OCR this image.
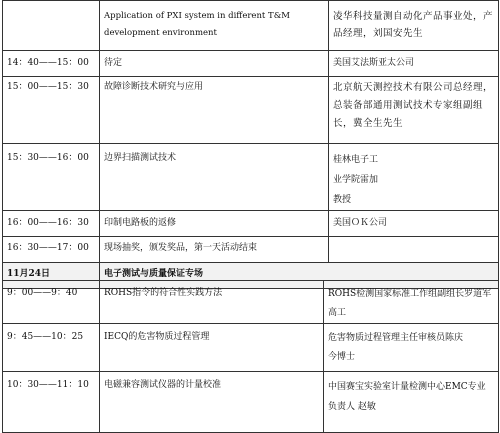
	Application of PXI system in different T&M development environment	凌华科技量测自动化产品事业处，产品经理，刘国安先生
14：40——15：00	待定	美国艾法斯亚太公司
15：00——15：30	故障诊断技术研究与应用	北京航天测控技术有限公司总经理，总装备部通用测试技术专家组副组长，冀全生先生
15：30——16：00	边界扫描测试技术	桂林电子工业学院雷加教授
16：00——16：30	印制电路板的返修	美国ＯＫ公司
16：30——17：00	现场抽奖，颁发奖品，第一天活动结束	
11月24日	电子测试与质量保证专场	
9：00——9：40	ROHS指令的符合性实践方法	ROHS检测国家标准工作组副组长罗道军高工
9：45——10：25	IECQ的危害物质过程管理	危害物质过程管理主任审核员陈庆今博士
10：30——11：10	电磁兼容测试仪器的计量校准	中国赛宝实验室计量检测中心EMC专业负责人 赵敏
